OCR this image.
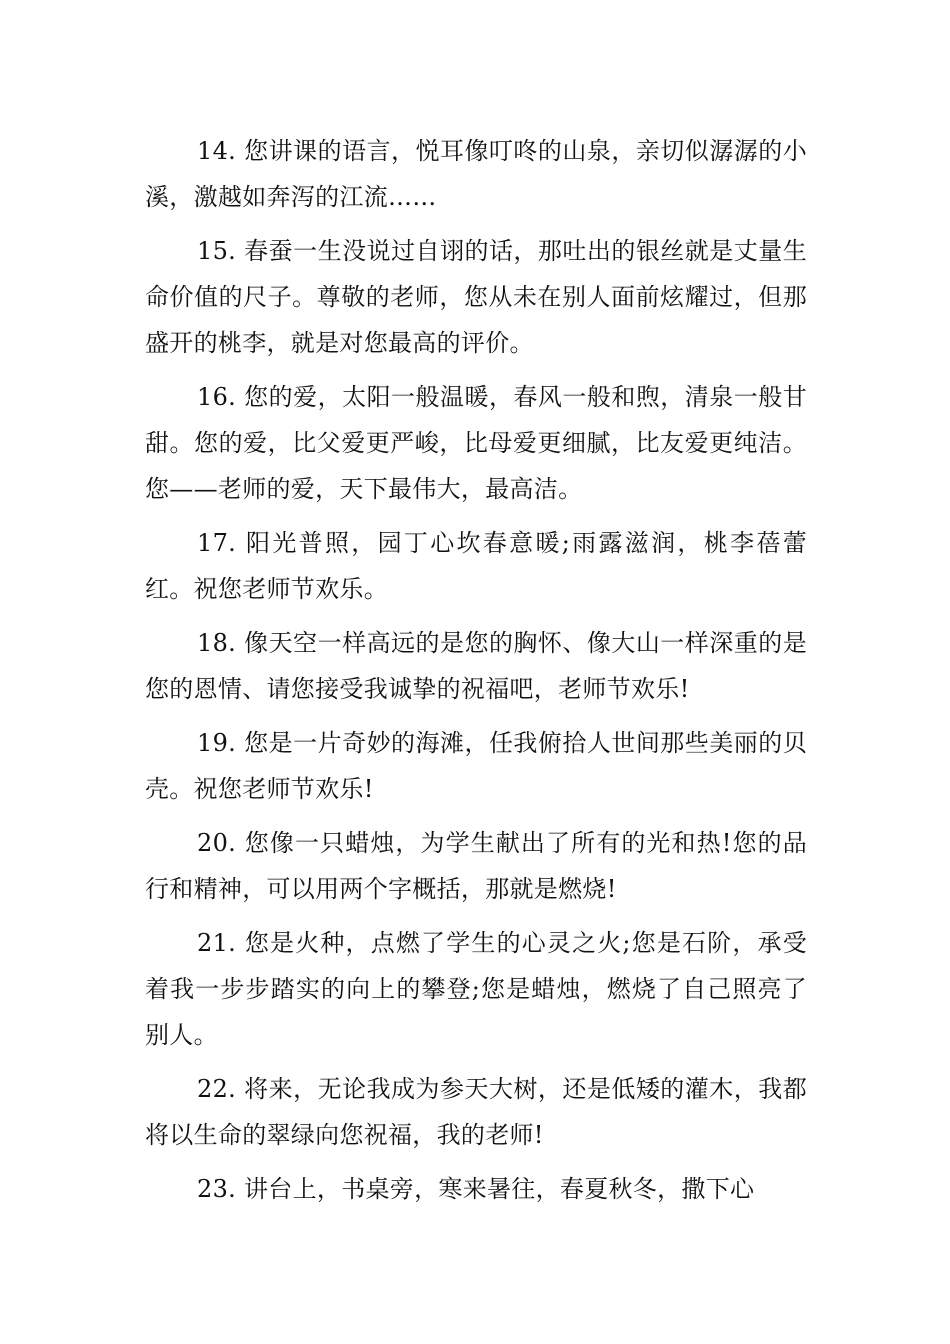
14. 您讲课的语言，悦耳像叮咚的山泉，亲切似潺潺的小溪，激越如奔泻的江流……

15. 春蚕一生没说过自诩的话，那吐出的银丝就是丈量生命价值的尺子。尊敬的老师，您从未在别人面前炫耀过，但那盛开的桃李，就是对您最高的评价。

16. 您的爱，太阳一般温暖，春风一般和煦，清泉一般甘甜。您的爱，比父爱更严峻，比母爱更细腻，比友爱更纯洁。您——老师的爱，天下最伟大，最高洁。

17. 阳光普照，园丁心坎春意暖;雨露滋润，桃李蓓蕾红。祝您老师节欢乐。

18. 像天空一样高远的是您的胸怀、像大山一样深重的是您的恩情、请您接受我诚挚的祝福吧，老师节欢乐!

19. 您是一片奇妙的海滩，任我俯拾人世间那些美丽的贝壳。祝您老师节欢乐!

20. 您像一只蜡烛，为学生献出了所有的光和热!您的品行和精神，可以用两个字概括，那就是燃烧!

21. 您是火种，点燃了学生的心灵之火;您是石阶，承受着我一步步踏实的向上的攀登;您是蜡烛，燃烧了自己照亮了别人。

22. 将来，无论我成为参天大树，还是低矮的灌木，我都将以生命的翠绿向您祝福，我的老师!

23. 讲台上，书桌旁，寒来暑往，春夏秋冬，撒下心
